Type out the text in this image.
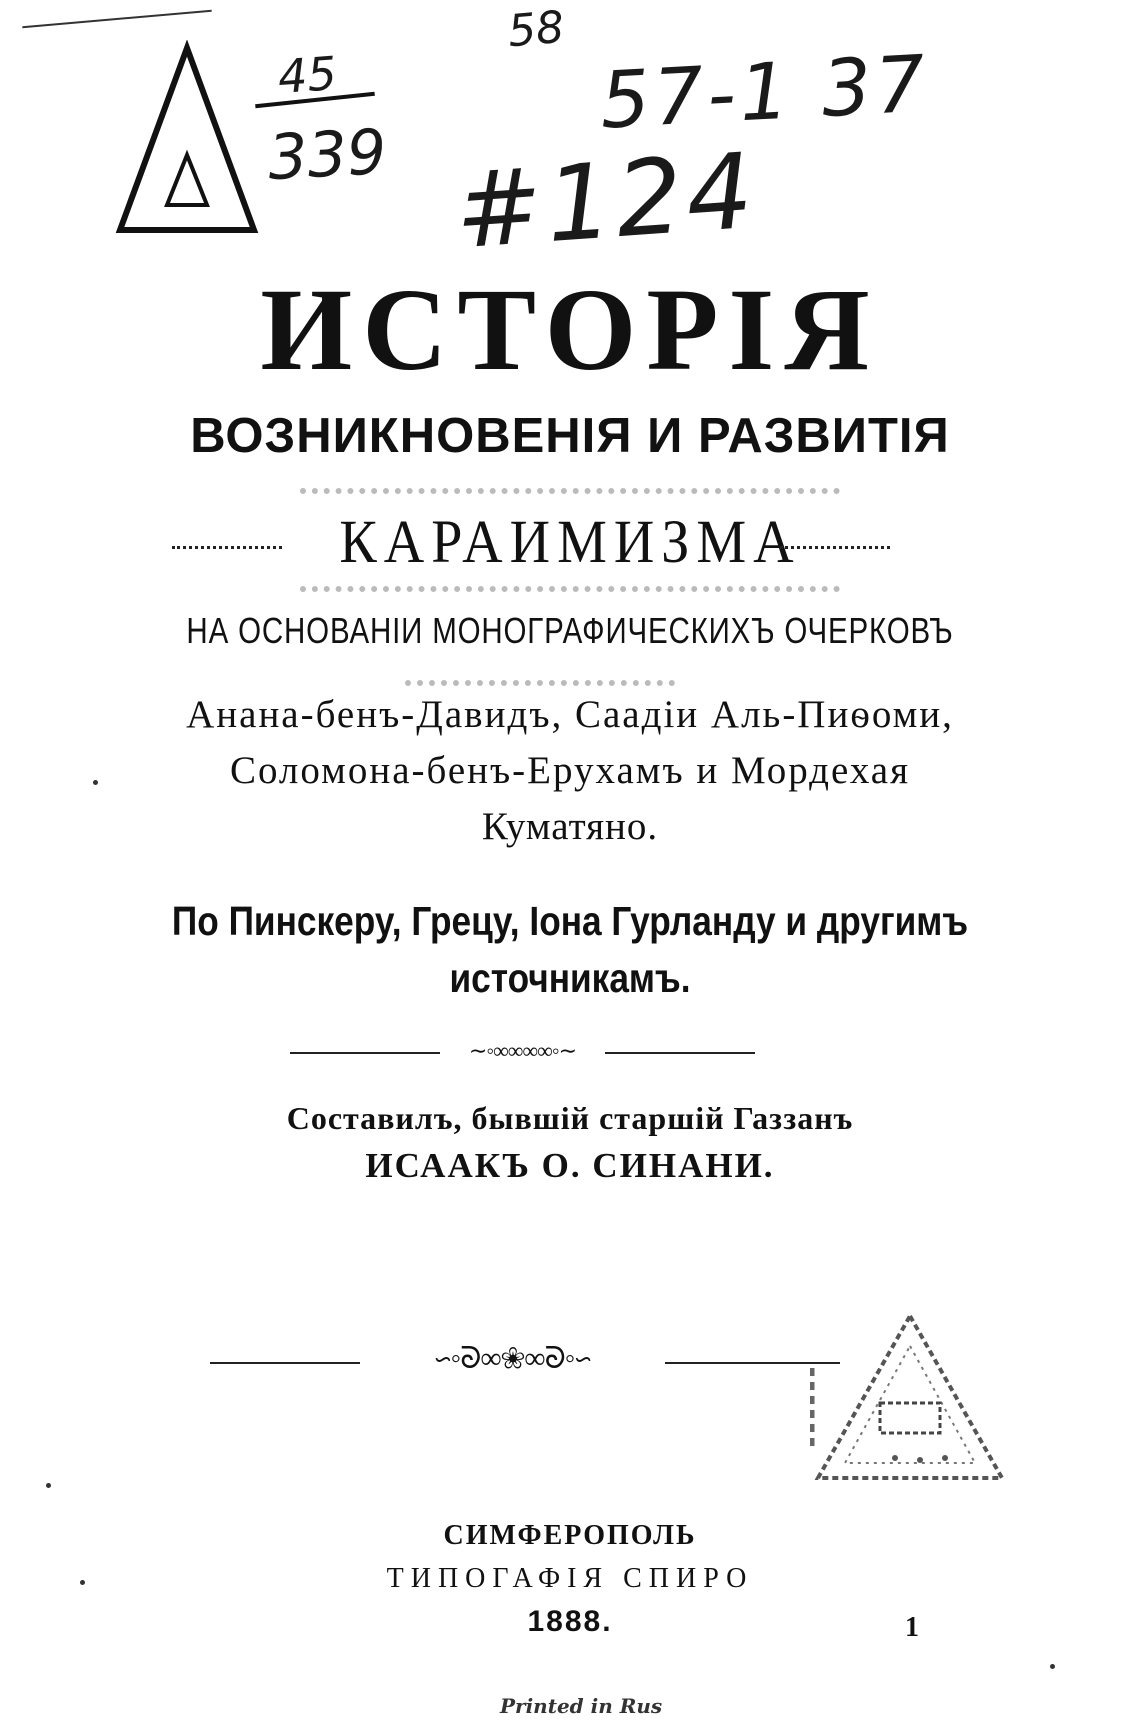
45
339
58
57-1 37
#124
ИСТОРІЯ
ВОЗНИКНОВЕНІЯ И РАЗВИТІЯ
КАРАИМИЗМА
НА ОСНОВАНІИ МОНОГРАФИЧЕСКИХЪ ОЧЕРКОВЪ
Анана-бенъ-Давидъ, Саадіи Аль-Пиѳоми,
Соломона-бенъ-Ерухамъ и Мордехая
Куматяно.
По Пинскеру, Грецу, Іона Гурланду и другимъ
источникамъ.
∼◦∞∞∞∞◦∼
Составилъ, бывшій старшій Газзанъ
ИСААКЪ О. СИНАНИ.
∽◦ᘐ∞❀∞ᘐ◦∽
СИМФЕРОПОЛЬ
ТИПОГАФІЯ СПИРО
1888.	1
Printed in Rus
